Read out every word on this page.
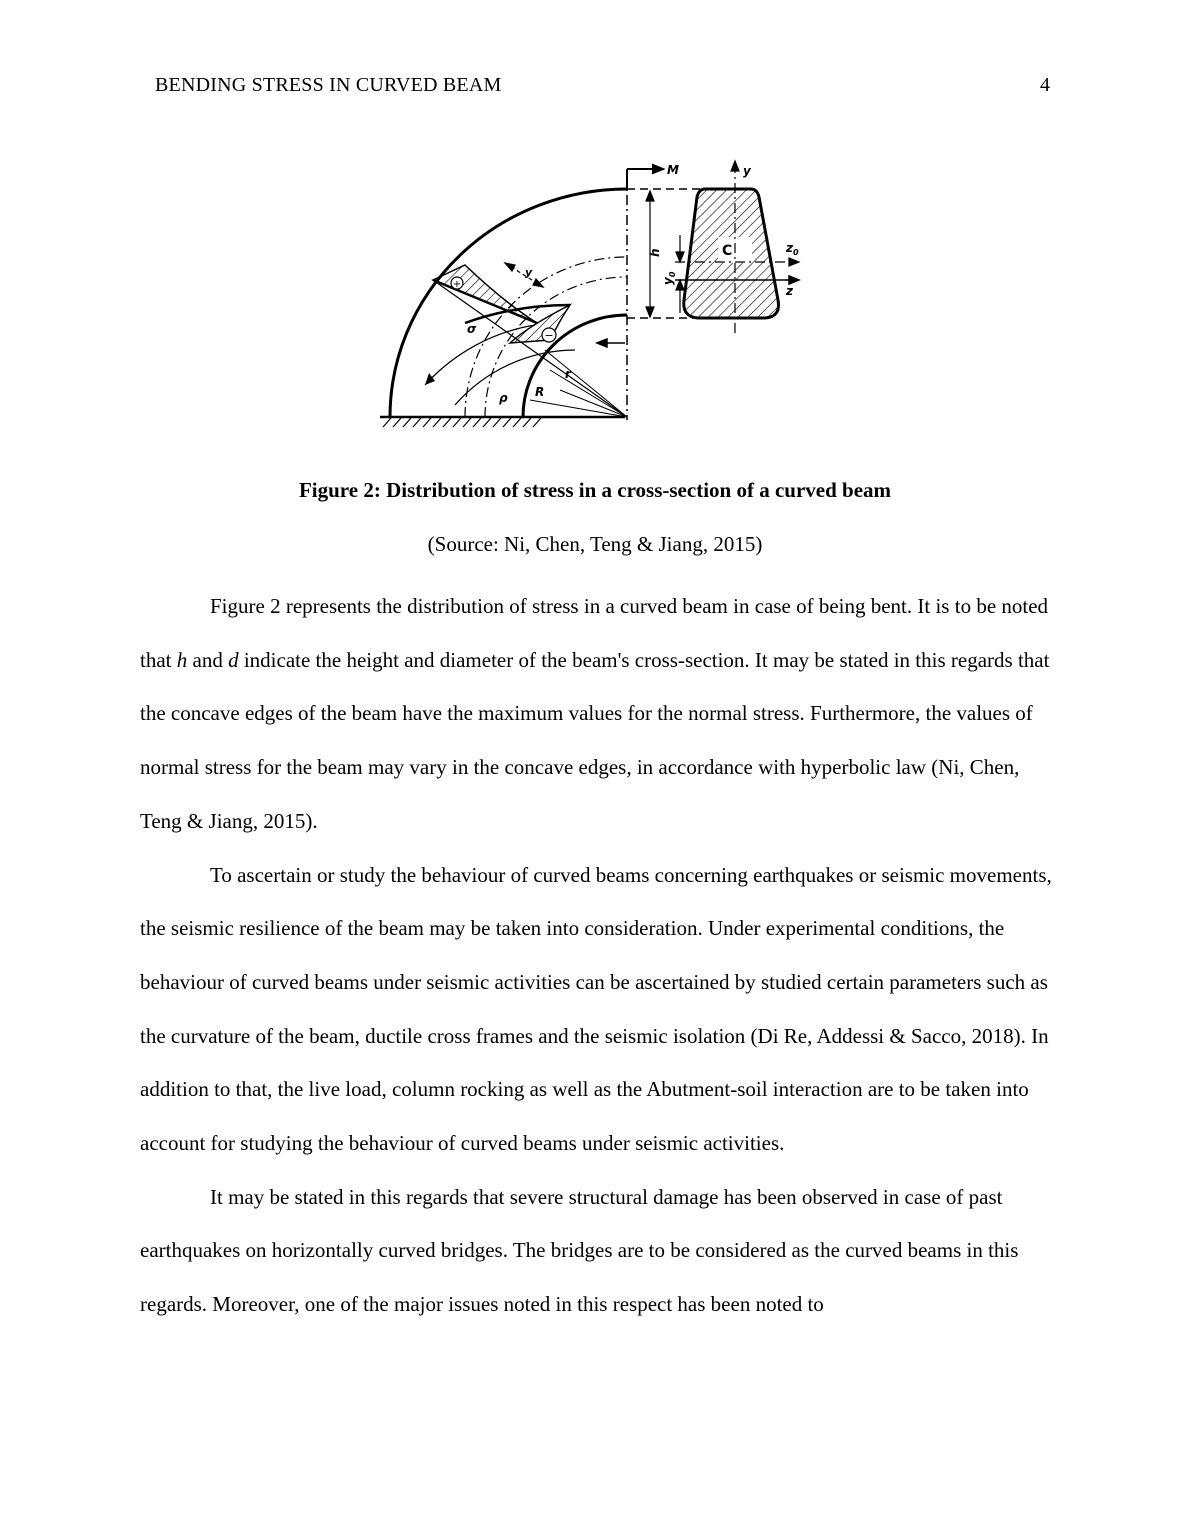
BENDING STRESS IN CURVED BEAM	4
+
−
y
σ
r
R
ρ
M
h
$y_0$
C
y
$z_0$
z
Figure 2: Distribution of stress in a cross-section of a curved beam
(Source: Ni, Chen, Teng & Jiang, 2015)

Figure 2 represents the distribution of stress in a curved beam in case of being bent. It is to be noted that h and d indicate the height and diameter of the beam's cross-section. It may be stated in this regards that the concave edges of the beam have the maximum values for the normal stress. Furthermore, the values of normal stress for the beam may vary in the concave edges, in accordance with hyperbolic law (Ni, Chen, Teng & Jiang, 2015).

To ascertain or study the behaviour of curved beams concerning earthquakes or seismic movements, the seismic resilience of the beam may be taken into consideration. Under experimental conditions, the behaviour of curved beams under seismic activities can be ascertained by studied certain parameters such as the curvature of the beam, ductile cross frames and the seismic isolation (Di Re, Addessi & Sacco, 2018). In addition to that, the live load, column rocking as well as the Abutment-soil interaction are to be taken into account for studying the behaviour of curved beams under seismic activities.

It may be stated in this regards that severe structural damage has been observed in case of past earthquakes on horizontally curved bridges. The bridges are to be considered as the curved beams in this regards. Moreover, one of the major issues noted in this respect has been noted to
